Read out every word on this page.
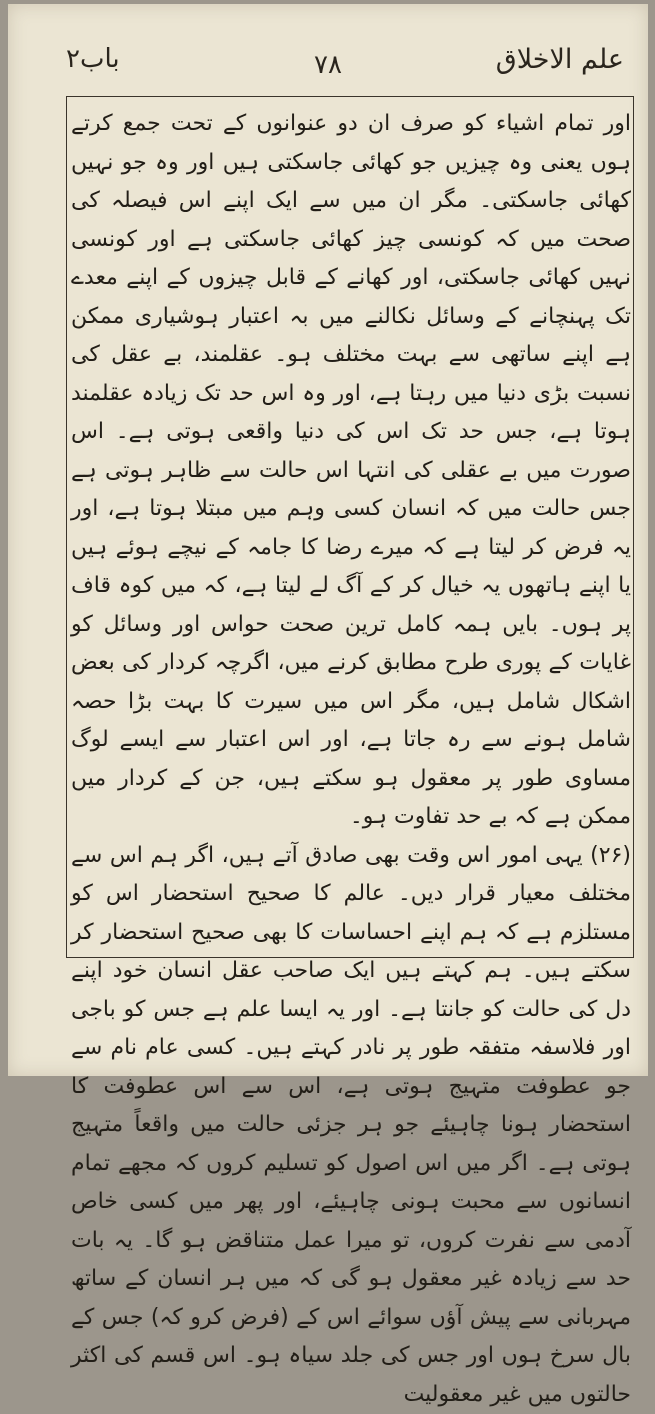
علم الاخلاق
٧٨
باب۲

اور تمام اشیاء کو صرف ان دو عنوانوں کے تحت جمع کرتے ہوں یعنی وہ چیزیں جو کھائی جاسکتی ہیں اور وہ جو نہیں کھائی جاسکتی۔ مگر ان میں سے ایک اپنے اس فیصلہ کی صحت میں کہ کونسی چیز کھائی جاسکتی ہے اور کونسی نہیں کھائی جاسکتی، اور کھانے کے قابل چیزوں کے اپنے معدے تک پہنچانے کے وسائل نکالنے میں بہ اعتبار ہوشیاری ممکن ہے اپنے ساتھی سے بہت مختلف ہو۔ عقلمند، بے عقل کی نسبت بڑی دنیا میں رہتا ہے، اور وہ اس حد تک زیادہ عقلمند ہوتا ہے، جس حد تک اس کی دنیا واقعی ہوتی ہے۔ اس صورت میں بے عقلی کی انتہا اس حالت سے ظاہر ہوتی ہے جس حالت میں کہ انسان کسی وہم میں مبتلا ہوتا ہے، اور یہ فرض کر لیتا ہے کہ میرے رضا کا جامہ کے نیچے ہوئے ہیں یا اپنے ہاتھوں یہ خیال کر کے آگ لے لیتا ہے، کہ میں کوہ قاف پر ہوں۔ بایں ہمہ کامل ترین صحت حواس اور وسائل کو غایات کے پوری طرح مطابق کرنے میں، اگرچہ کردار کی بعض اشکال شامل ہیں، مگر اس میں سیرت کا بہت بڑا حصہ شامل ہونے سے رہ جاتا ہے، اور اس اعتبار سے ایسے لوگ مساوی طور پر معقول ہو سکتے ہیں، جن کے کردار میں ممکن ہے کہ بے حد تفاوت ہو۔

(۲۶) یہی امور اس وقت بھی صادق آتے ہیں، اگر ہم اس سے مختلف معیار قرار دیں۔ عالم کا صحیح استحضار اس کو مستلزم ہے کہ ہم اپنے احساسات کا بھی صحیح استحضار کر سکتے ہیں۔ ہم کہتے ہیں ایک صاحب عقل انسان خود اپنے دل کی حالت کو جانتا ہے۔ اور یہ ایسا علم ہے جس کو باجی اور فلاسفہ متفقہ طور پر نادر کہتے ہیں۔ کسی عام نام سے جو عطوفت متہیج ہوتی ہے، اس سے اس عطوفت کا استحضار ہونا چاہیئے جو ہر جزئی حالت میں واقعاً متہیج ہوتی ہے۔ اگر میں اس اصول کو تسلیم کروں کہ مجھے تمام انسانوں سے محبت ہونی چاہیئے، اور پھر میں کسی خاص آدمی سے نفرت کروں، تو میرا عمل متناقض ہو گا۔ یہ بات حد سے زیادہ غیر معقول ہو گی کہ میں ہر انسان کے ساتھ مہربانی سے پیش آؤں سوائے اس کے (فرض کرو کہ) جس کے بال سرخ ہوں اور جس کی جلد سیاہ ہو۔ اس قسم کی اکثر حالتوں میں غیر معقولیت
